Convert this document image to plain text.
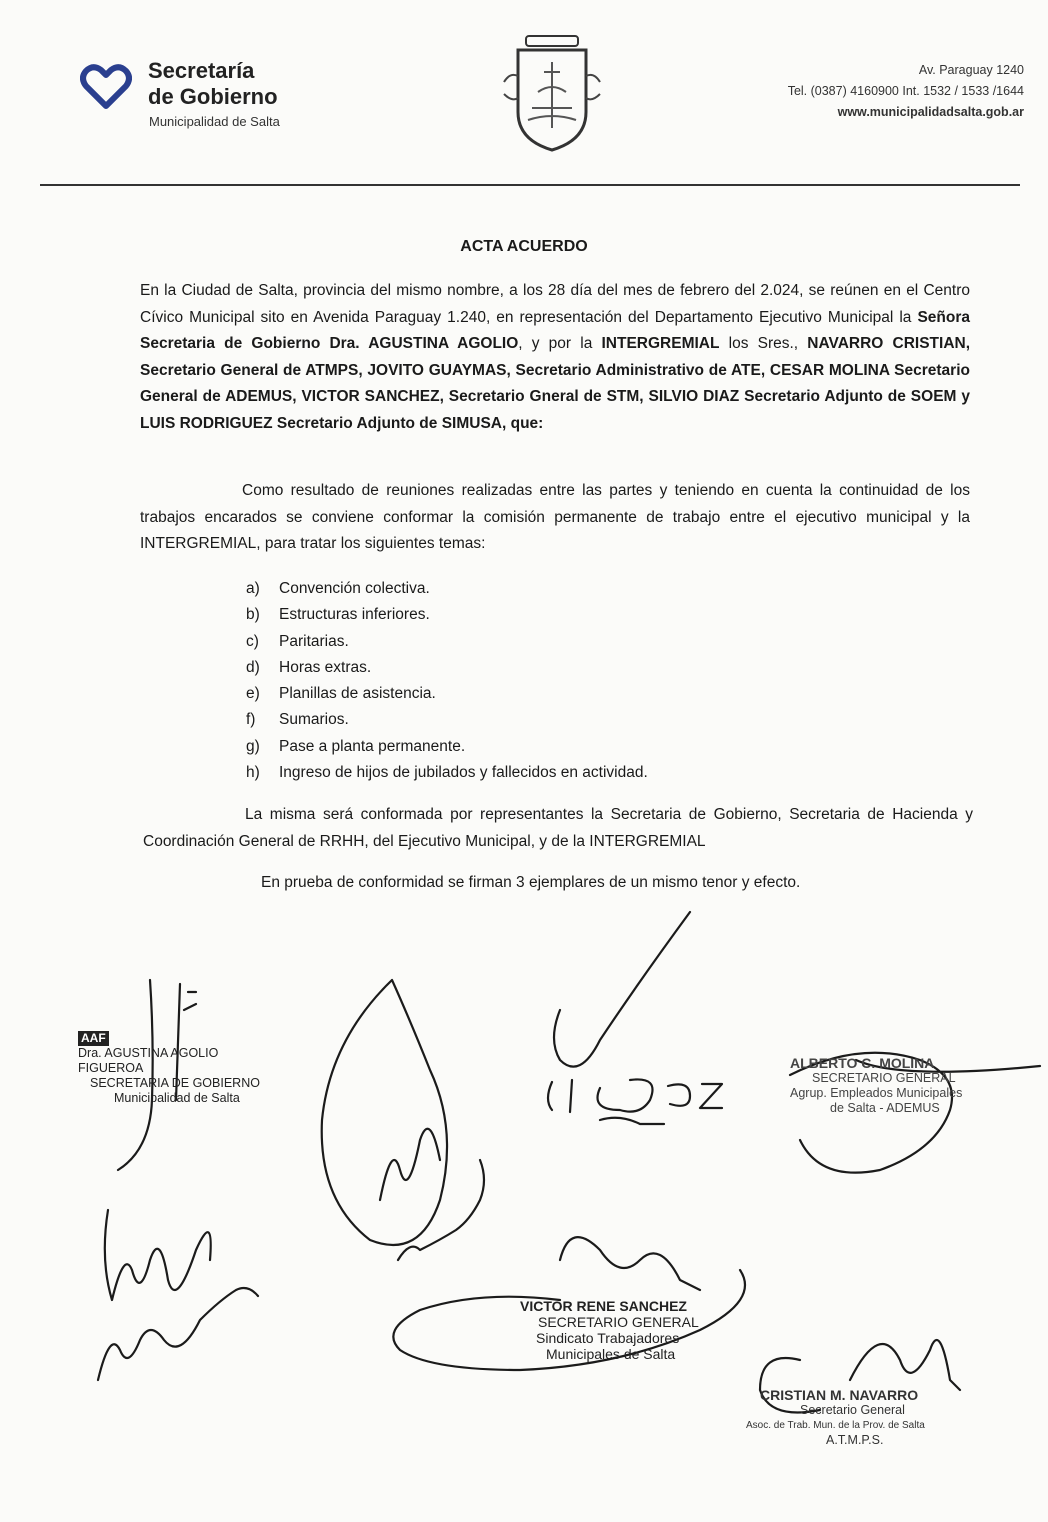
Secretaría
de Gobierno
Municipalidad de Salta
Av. Paraguay 1240
Tel. (0387) 4160900 Int. 1532 / 1533 /1644
www.municipalidadsalta.gob.ar
ACTA ACUERDO
En la Ciudad de Salta, provincia del mismo nombre, a los 28 día del mes de febrero del 2.024, se reúnen en el Centro Cívico Municipal sito en Avenida Paraguay 1.240, en representación del Departamento Ejecutivo Municipal la Señora Secretaria de Gobierno Dra. AGUSTINA AGOLIO, y por la INTERGREMIAL los Sres., NAVARRO CRISTIAN, Secretario General de ATMPS, JOVITO GUAYMAS, Secretario Administrativo de ATE, CESAR MOLINA Secretario General de ADEMUS, VICTOR SANCHEZ, Secretario Gneral de STM, SILVIO DIAZ Secretario Adjunto de SOEM y LUIS RODRIGUEZ Secretario Adjunto de SIMUSA, que:
Como resultado de reuniones realizadas entre las partes y teniendo en cuenta la continuidad de los trabajos encarados se conviene conformar la comisión permanente de trabajo entre el ejecutivo municipal y la INTERGREMIAL, para tratar los siguientes temas:
a)	Convención colectiva.
b)	Estructuras inferiores.
c)	Paritarias.
d)	Horas extras.
e)	Planillas de asistencia.
f)	Sumarios.
g)	Pase a planta permanente.
h)	Ingreso de hijos de jubilados y fallecidos en actividad.
La misma será conformada por representantes la Secretaria de Gobierno, Secretaria de Hacienda y Coordinación General de RRHH, del Ejecutivo Municipal, y de la INTERGREMIAL
En prueba de conformidad se firman 3 ejemplares de un mismo tenor y efecto.
AAF
Dra. AGUSTINA AGOLIO FIGUEROA
SECRETARIA DE GOBIERNO
Municipalidad de Salta
ALBERTO C. MOLINA
SECRETARIO GENERAL
Agrup. Empleados Municipales
de Salta - ADEMUS
VICTOR RENE SANCHEZ
SECRETARIO GENERAL
Sindicato Trabajadores
Municipales de Salta
CRISTIAN M. NAVARRO
Secretario General
Asoc. de Trab. Mun. de la Prov. de Salta
A.T.M.P.S.
